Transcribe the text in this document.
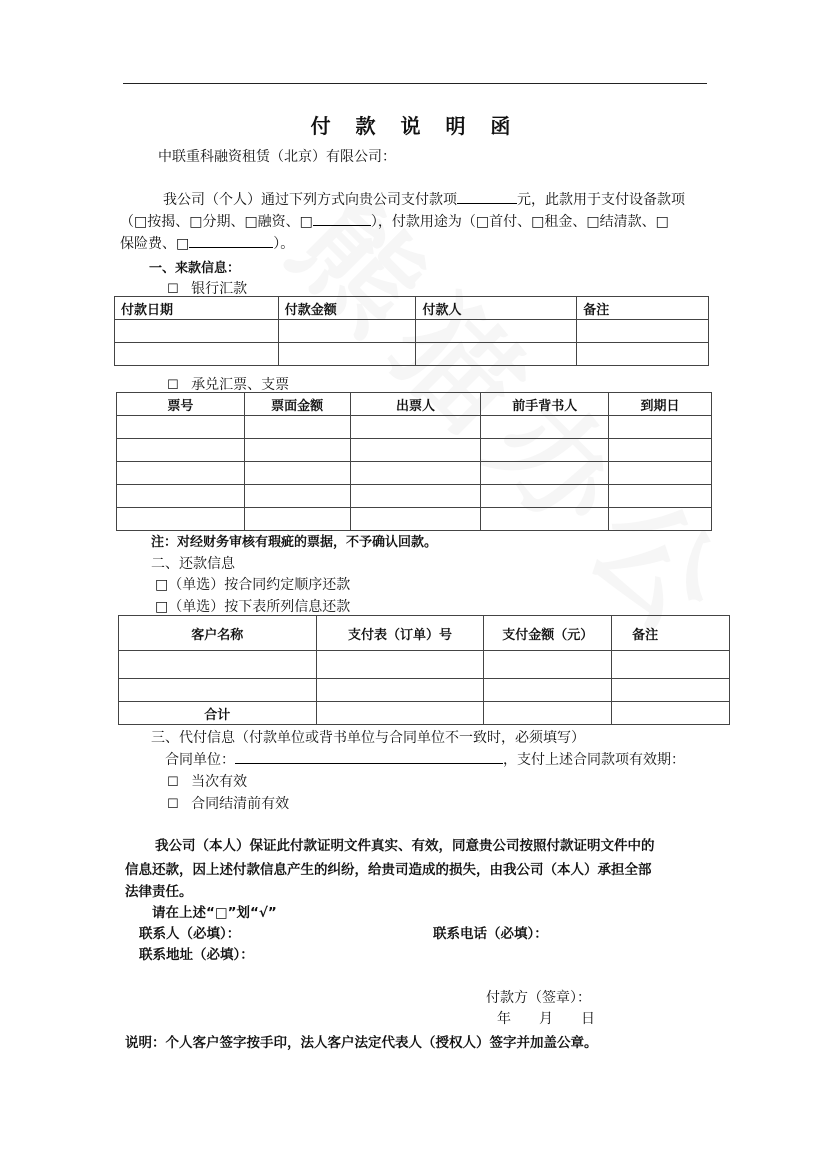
付 款 说 明 函
中联重科融资租赁（北京）有限公司：
我公司（个人）通过下列方式向贵公司支付款项	元，此款用于支付设备款项
（□按揭、□分期、□融资、□	），付款用途为（□首付、□租金、□结清款、□
保险费、□	）。
一、来款信息：
☐ 银行汇款
付款日期	付款金额	付款人	备注

☐ 承兑汇票、支票
票号	票面金额	出票人	前手背书人	到期日

注：对经财务审核有瑕疵的票据，不予确认回款。
二、还款信息
□（单选）按合同约定顺序还款
□（单选）按下表所列信息还款
客户名称	支付表（订单）号	支付金额（元）	备注

合计			
三、代付信息（付款单位或背书单位与合同单位不一致时，必须填写）
合同单位：	，支付上述合同款项有效期：
☐ 当次有效
☐ 合同结清前有效
我公司（本人）保证此付款证明文件真实、有效，同意贵公司按照付款证明文件中的
信息还款，因上述付款信息产生的纠纷，给贵司造成的损失，由我公司（本人）承担全部
法律责任。
请在上述“□”划“√”
联系人（必填）：	联系电话（必填）：
联系地址（必填）：
付款方（签章）：
年　　月　　日
说明：个人客户签字按手印，法人客户法定代表人（授权人）签字并加盖公章。
